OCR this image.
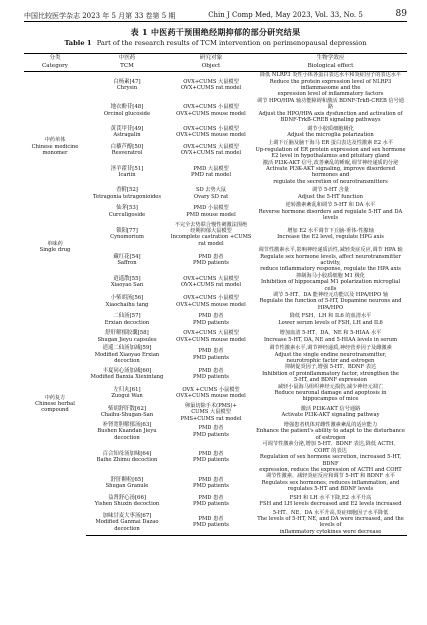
中国比较医学杂志 2023 年 5 月第 33 卷第 5 期	Chin J Comp Med, May 2023, Vol. 33, No. 5	89
表 1 中医药干预围绝经期抑郁的部分研究结果
Table 1 Part of the research results of TCM intervention on perimenopausal depression
分类	中医药	研究对象	生物学效应
Category	TCM	Object	Biological effect

中药单体
Chinese medicine
monomer	白杨素[47]
Chrysin	OVX+CUMS 大鼠模型
OVX+CUMS rat model	降低 NLRP3 炎性小体各蛋白表达水平和炎症因子的表达水平
Reduce the protein expression level of NLRP3 inflammasome and the
expression level of inflammatory factors

	地衣酚苷[48]
Orcinol glucoside	OVX+CUMS 小鼠模型
OVX+CUMS mouse model	调节 HPO/HPA 轴功能障碍和激活 BDNF-TrkB-CREB 信号通路
Adjust the HPO/HPA axis dysfunction and activation of
BDNF-TrkB-CREB signaling pathways

	黄芪甲苷[49]
Astragalin	OVX+CUMS 小鼠模型
OVX+CUMS mouse model	调节小胶质细胞极化
Adjust the microglia polarization

	白藜芦醇[50]
Resveratrol	OVX+CUMS 大鼠模型
OVX+CUMS rat model	上调下丘脑及脑干海马 ER 蛋白表达及性激素 E2 水平
Up-regulation of ER protein expression and sex hormone
E2 level in hypothalamus and pituitary gland

	淫羊藿苷[51]
Icariin	PMD 大鼠模型
PMD rat model	激活 PI3K-AKT 信号,改善紊乱的睡眠,调节神经递质的分泌
Activate PI3K-AKT signaling, improve disordered hormones and
regulate the secretion of neurotransmitters

	香附[52]
Tetragonia tetragonioides	SD 去势大鼠
Ovary SD rat	调节 5-HT 含量
Adjust the 5-HT function

	仙茅[53]
Curculigoside	PMD 小鼠模型
PMD mouse model	逆转激素紊乱和调节 5-HT 和 DA 水平
Reverse hormone disorders and regulate 5-HT and DA levels

单味药
Single drug	锁阳[77]
Cynomorium	不完全去势联合慢性刺激法围绝
经期抑郁大鼠模型
Incomplete castration +CUMS rat model	增加 E2 水平调节下丘脑-垂体-性腺轴
Increase the E2 level, regulate HPG axis

	藏红花[54]
Saffron	PMD 患者
PMD patients	调节性激素水平,影响神经递质活性,减轻炎症反应,调节 HPA 轴
Regulate sex hormone levels, affect neurotransmitter activity,
reduce inflammatory response, regulate the HPA axis

中药复方
Chinese herbal
compound	逍遥散[55]
Xiaoyao San	OVX+CUMS 大鼠模型
OVX+CUMS rat model	抑制海马小胶质细胞 M1 极化
Inhibition of hippocampal M1 polarization microglial cells

	小柴胡汤[56]
Xiaochaihu tang	OVX+CUMS 小鼠模型
OVX+CUMS mouse model	调节 5-HT、DA 能神经元功能以及 HPA/HPO 轴
Regulate the function of 5-HT, Dopamine neurons and HPA/HPO

	二仙汤[57]
Erxian decoction	PMD 患者
PMD patients	降低 FSH、LH 和 IL6 的血清水平
Lower serum levels of FSH, LH and IL6

	舒肝解郁胶囊[58]
Shugan Jieyu capsules	OVX+CUMS 大鼠模型
OVX+CUMS mouse model	增加血清 5-HT、DA、NE 和 5-HIAA 水平
Increase 5-HT, DA, NE and 5-HIAA levels in serum

	逍遥二仙汤加减[59]
Modified Xiaoyao Erxian decoction	PMD 患者
PMD patients	调节性激素水平,调节神经递质,神经营养因子及雌激素
Adjust the single endine neurotransmitter,
neurotrophic factor and estrogen

	丰夏同心汤加减[60]
Modified Banxia Xiexintang	PMD 患者
PMD patients	抑制促炎因子,增强 5-HT、BDNF 表达
Inhibition of proinflammatory factor, strengthen the
5-HT, and BDNF expression

	左归丸[61]
Zuogui Wan	OVX +CUMS 小鼠模型
OVX+CUMS mouse model	减轻小鼠海马组织神经元损伤,减少神经元凋亡
Reduce neuronal damage and apoptosis in
hippocampus of mice

	柴胡舒肝散[62]
Chaihu-Shugan-San	卵巢切除手术(PMS)+
CUMS 大鼠模型
PMS+CUMS rat model	激活 PI3K-AKT 信号通路
Activate PI3K-AKT signaling pathway

	补肾宽胆解郁汤[63]
Bushen Kuandan Jieyu decoction	PMD 患者
PMD patients	增强患者机体对雌性激素紊乱的适应能力
Enhance the patient's ability to adapt to the disturbance of estrogen

	百合知母汤加味[64]
Baihe Zhimu decoction	PMD 患者
PMD patients	可调节性激素分泌,增加 5-HT、BDNF 表达,降低 ACTH、CORT 的表达
Regulation of sex hormone secretion, increased 5-HT, BDNF
expression, reduce the expression of ACTH and CORT

	舒肝颗粒[65]
Shugan Granule	PMD 患者
PMD patients	调节性激素、减轻炎症反应和调节 5-HT 和 BDNF 水平
Regulates sex hormones, reduces inflammation, and
regulates 5-HT and BDNF levels

	益肾舒心汤[66]
Yishen Shuxin decoction	PMD 患者
PMD patients	FSH 和 LH 水平下降,E2 水平升高
FSH and LH levels decreased and E2 levels increased

	加味甘麦大枣汤[67]
Modified Ganmai Dazao decoction	PMD 患者
PMD patients	5-HT、NE、DA 水平升高,炎症细胞因子水平降低
The levels of 5-HT, NE, and DA were increased, and the levels of
inflammatory cytokines were decrease
